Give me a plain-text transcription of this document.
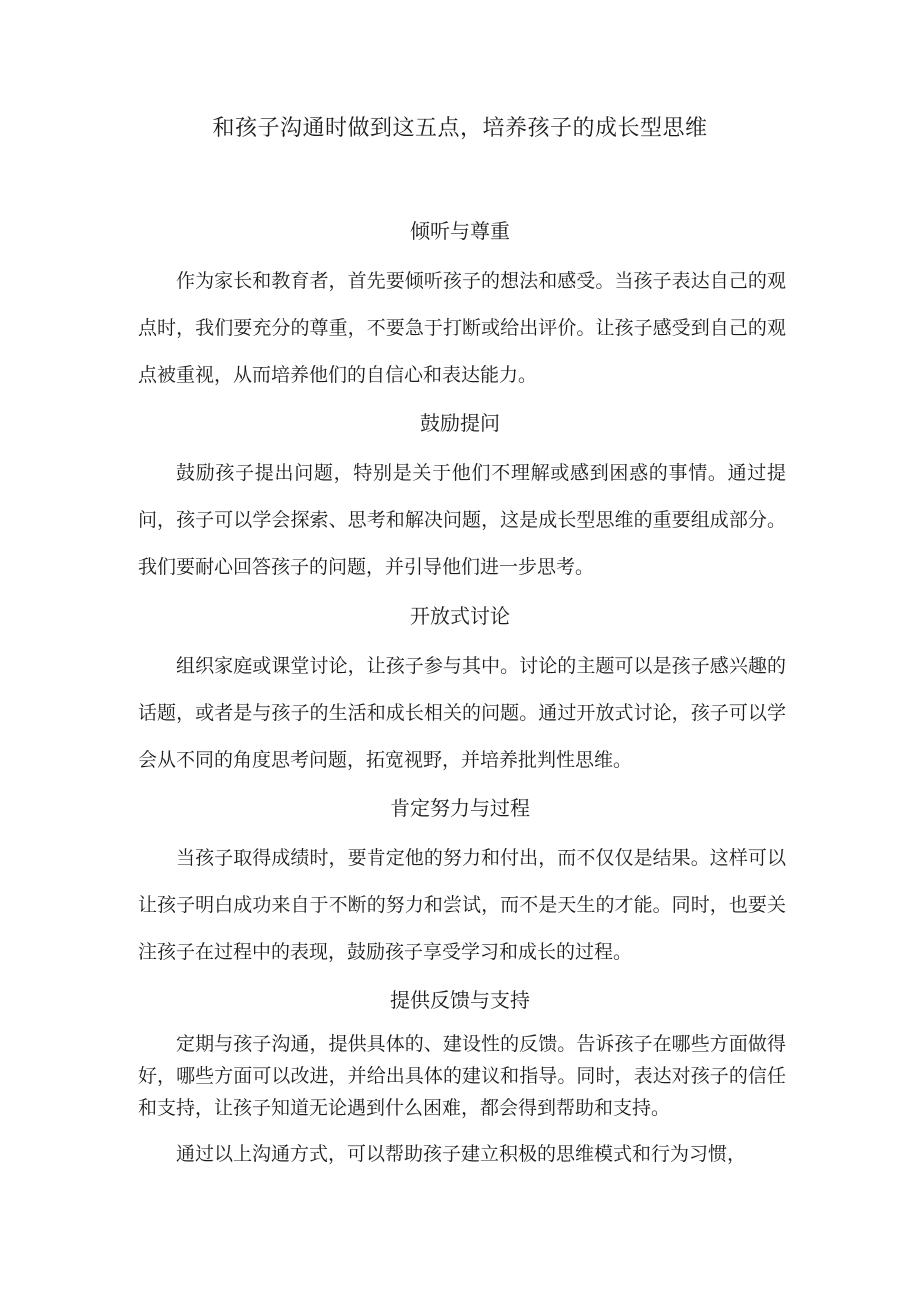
和孩子沟通时做到这五点，培养孩子的成长型思维
倾听与尊重

作为家长和教育者，首先要倾听孩子的想法和感受。当孩子表达自己的观点时，我们要充分的尊重，不要急于打断或给出评价。让孩子感受到自己的观点被重视，从而培养他们的自信心和表达能力。

鼓励提问

鼓励孩子提出问题，特别是关于他们不理解或感到困惑的事情。通过提问，孩子可以学会探索、思考和解决问题，这是成长型思维的重要组成部分。我们要耐心回答孩子的问题，并引导他们进一步思考。

开放式讨论

组织家庭或课堂讨论，让孩子参与其中。讨论的主题可以是孩子感兴趣的话题，或者是与孩子的生活和成长相关的问题。通过开放式讨论，孩子可以学会从不同的角度思考问题，拓宽视野，并培养批判性思维。

肯定努力与过程

当孩子取得成绩时，要肯定他的努力和付出，而不仅仅是结果。这样可以让孩子明白成功来自于不断的努力和尝试，而不是天生的才能。同时，也要关注孩子在过程中的表现，鼓励孩子享受学习和成长的过程。

提供反馈与支持

定期与孩子沟通，提供具体的、建设性的反馈。告诉孩子在哪些方面做得好，哪些方面可以改进，并给出具体的建议和指导。同时，表达对孩子的信任和支持，让孩子知道无论遇到什么困难，都会得到帮助和支持。

通过以上沟通方式，可以帮助孩子建立积极的思维模式和行为习惯，
